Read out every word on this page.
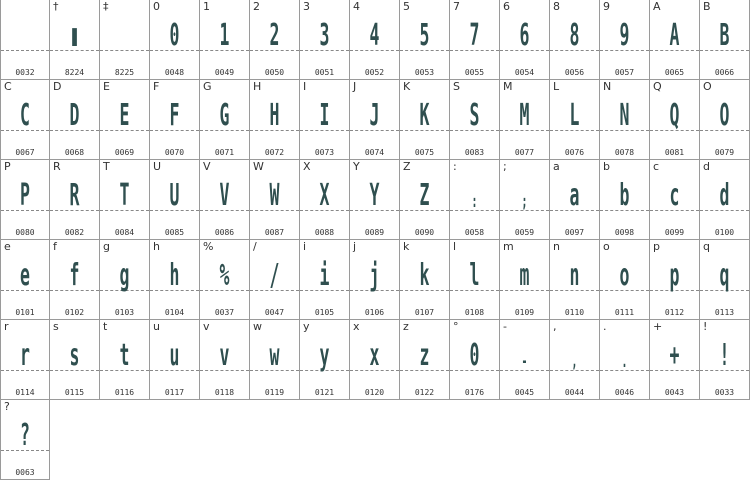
0032
†
▮
8224
‡
8225
0
0
0048
1
1
0049
2
2
0050
3
3
0051
4
4
0052
5
5
0053
7
7
0055
6
6
0054
8
8
0056
9
9
0057
A
A
0065
B
B
0066
C
C
0067
D
D
0068
E
E
0069
F
F
0070
G
G
0071
H
H
0072
I
I
0073
J
J
0074
K
K
0075
S
S
0083
M
M
0077
L
L
0076
N
N
0078
Q
Q
0081
O
O
0079
P
P
0080
R
R
0082
T
T
0084
U
U
0085
V
V
0086
W
W
0087
X
X
0088
Y
Y
0089
Z
Z
0090
:
:
0058
;
;
0059
a
a
0097
b
b
0098
c
c
0099
d
d
0100
e
e
0101
f
f
0102
g
g
0103
h
h
0104
%
%
0037
/
/
0047
i
i
0105
j
j
0106
k
k
0107
l
l
0108
m
m
0109
n
n
0110
o
o
0111
p
p
0112
q
q
0113
r
r
0114
s
s
0115
t
t
0116
u
u
0117
v
v
0118
w
w
0119
y
y
0121
x
x
0120
z
z
0122
°
0
0176
-
-
0045
,
,
0044
.
.
0046
+
+
0043
!
!
0033
?
?
0063
